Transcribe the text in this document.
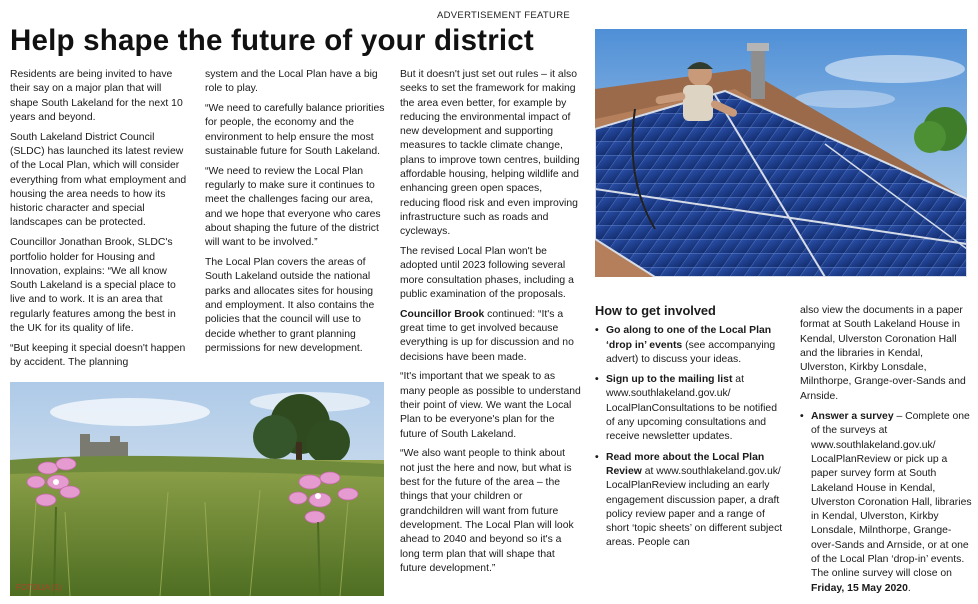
ADVERTISEMENT FEATURE
Help shape the future of your district

Residents are being invited to have their say on a major plan that will shape South Lakeland for the next 10 years and beyond.

South Lakeland District Council (SLDC) has launched its latest review of the Local Plan, which will consider everything from what employment and housing the area needs to how its historic character and special landscapes can be protected.

Councillor Jonathan Brook, SLDC's portfolio holder for Housing and Innovation, explains: “We all know South Lakeland is a special place to live and to work. It is an area that regularly features among the best in the UK for its quality of life.

“But keeping it special doesn't happen by accident. The planning

system and the Local Plan have a big role to play.

“We need to carefully balance priorities for people, the economy and the environment to help ensure the most sustainable future for South Lakeland.

“We need to review the Local Plan regularly to make sure it continues to meet the challenges facing our area, and we hope that everyone who cares about shaping the future of the district will want to be involved.”

The Local Plan covers the areas of South Lakeland outside the national parks and allocates sites for housing and employment. It also contains the policies that the council will use to decide whether to grant planning permissions for new development.

But it doesn't just set out rules – it also seeks to set the framework for making the area even better, for example by reducing the environmental impact of new development and supporting measures to tackle climate change, plans to improve town centres, building affordable housing, helping wildlife and enhancing green open spaces, reducing flood risk and even improving infrastructure such as roads and cycleways.

The revised Local Plan won't be adopted until 2023 following several more consultation phases, including a public examination of the proposals.

Councillor Brook continued: “It's a great time to get involved because everything is up for discussion and no decisions have been made.

“It's important that we speak to as many people as possible to understand their point of view. We want the Local Plan to be everyone's plan for the future of South Lakeland.

“We also want people to think about not just the here and now, but what is best for the future of the area – the things that your children or grandchildren will want from future development. The Local Plan will look ahead to 2040 and beyond so it's a long term plan that will shape that future development.”

How to get involved
• Go along to one of the Local Plan ‘drop in’ events (see accompanying advert) to discuss your ideas.
• Sign up to the mailing list at www.southlakeland.gov.uk/ LocalPlanConsultations to be notified of any upcoming consultations and receive newsletter updates.
• Read more about the Local Plan Review at www.southlakeland.gov.uk/ LocalPlanReview including an early engagement discussion paper, a draft policy review paper and a range of short ‘topic sheets’ on different subject areas. People can

also view the documents in a paper format at South Lakeland House in Kendal, Ulverston Coronation Hall and the libraries in Kendal, Ulverston, Kirkby Lonsdale, Milnthorpe, Grange-over-Sands and Arnside.

• Answer a survey – Complete one of the surveys at www.southlakeland.gov.uk/ LocalPlanReview or pick up a paper survey form at South Lakeland House in Kendal, Ulverston Coronation Hall, libraries in Kendal, Ulverston, Kirkby Lonsdale, Milnthorpe, Grange-over-Sands and Arnside, or at one of the Local Plan ‘drop-in’ events. The online survey will close on Friday, 15 May 2020.
FOTOLIA (1)
